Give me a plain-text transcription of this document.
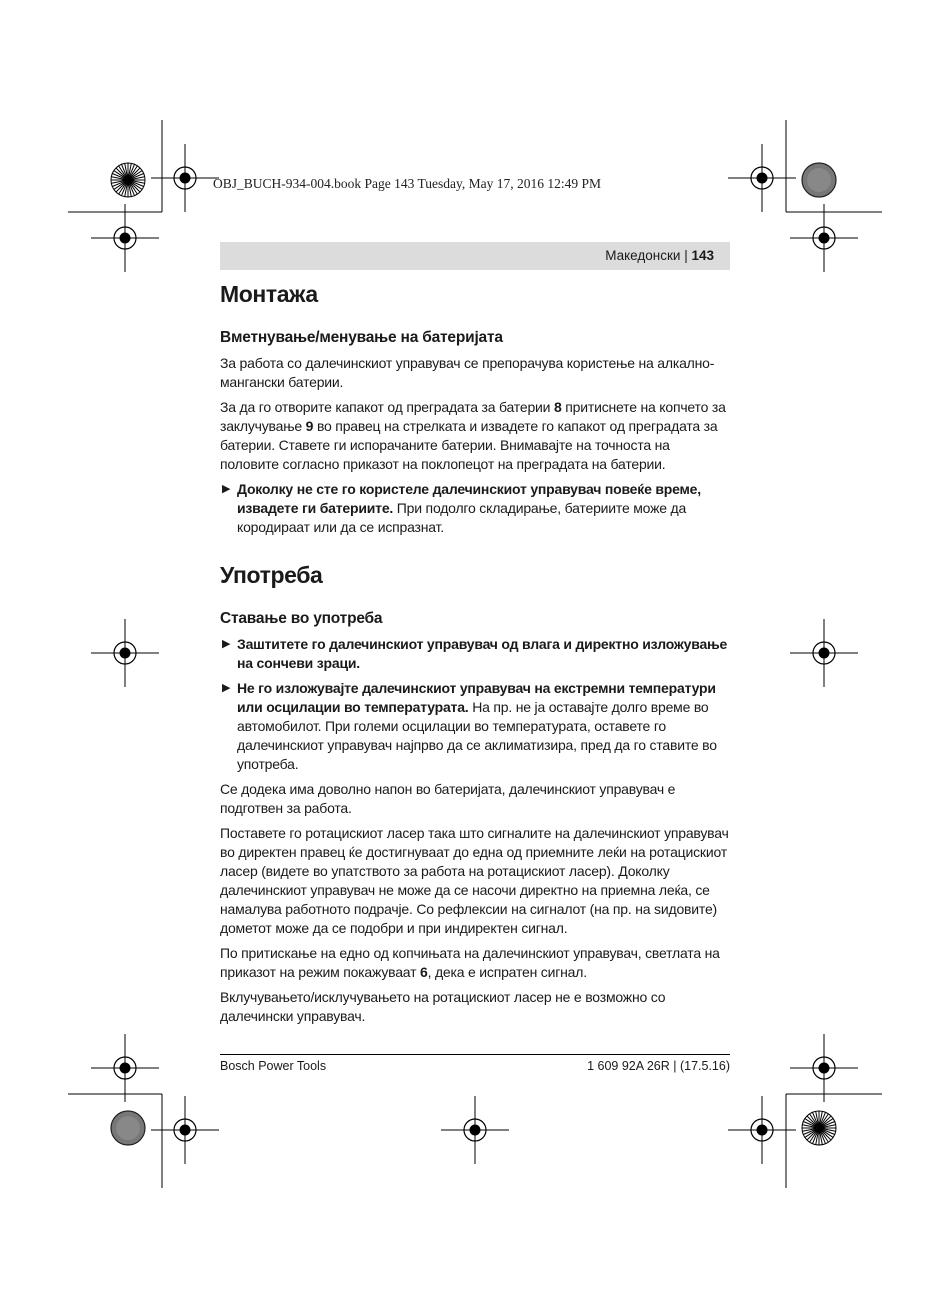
OBJ_BUCH-934-004.book Page 143 Tuesday, May 17, 2016 12:49 PM
Македонски | 143
Монтажа
Вметнување/менување на батеријата
За работа со далечинскиот управувач се препорачува користење на алкално-мангански батерии.
За да го отворите капакот од преградата за батерии 8 притиснете на копчето за заклучување 9 во правец на стрелката и извадете го капакот од преградата за батерии. Ставете ги испорачаните батерии. Внимавајте на точноста на половите согласно приказот на поклопецот на преградата на батерии.
▶ Доколку не сте го користеле далечинскиот управувач повеќе време, извадете ги батериите. При подолго складирање, батериите може да кородираат или да се испразнат.
Употреба
Ставање во употреба
▶ Заштитете го далечинскиот управувач од влага и директно изложување на сончеви зраци.
▶ Не го изложувајте далечинскиот управувач на екстремни температури или осцилации во температурата. На пр. не ја оставајте долго време во автомобилот. При големи осцилации во температурата, оставете го далечинскиот управувач најпрво да се аклиматизира, пред да го ставите во употреба.
Се додека има доволно напон во батеријата, далечинскиот управувач е подготвен за работа.
Поставете го ротацискиот ласер така што сигналите на далечинскиот управувач во директен правец ќе достигнуваат до една од приемните леќи на ротацискиот ласер (видете во упатството за работа на ротацискиот ласер). Доколку далечинскиот управувач не може да се насочи директно на приемна леќа, се намалува работното подрачје. Со рефлексии на сигналот (на пр. на ѕидовите) дометот може да се подобри и при индиректен сигнал.
По притискање на едно од копчињата на далечинскиот управувач, светлата на приказот на режим покажуваат 6, дека е испратен сигнал.
Вклучувањето/исклучувањето на ротацискиот ласер не е возможно со далечински управувач.
Bosch Power Tools	1 609 92A 26R | (17.5.16)
